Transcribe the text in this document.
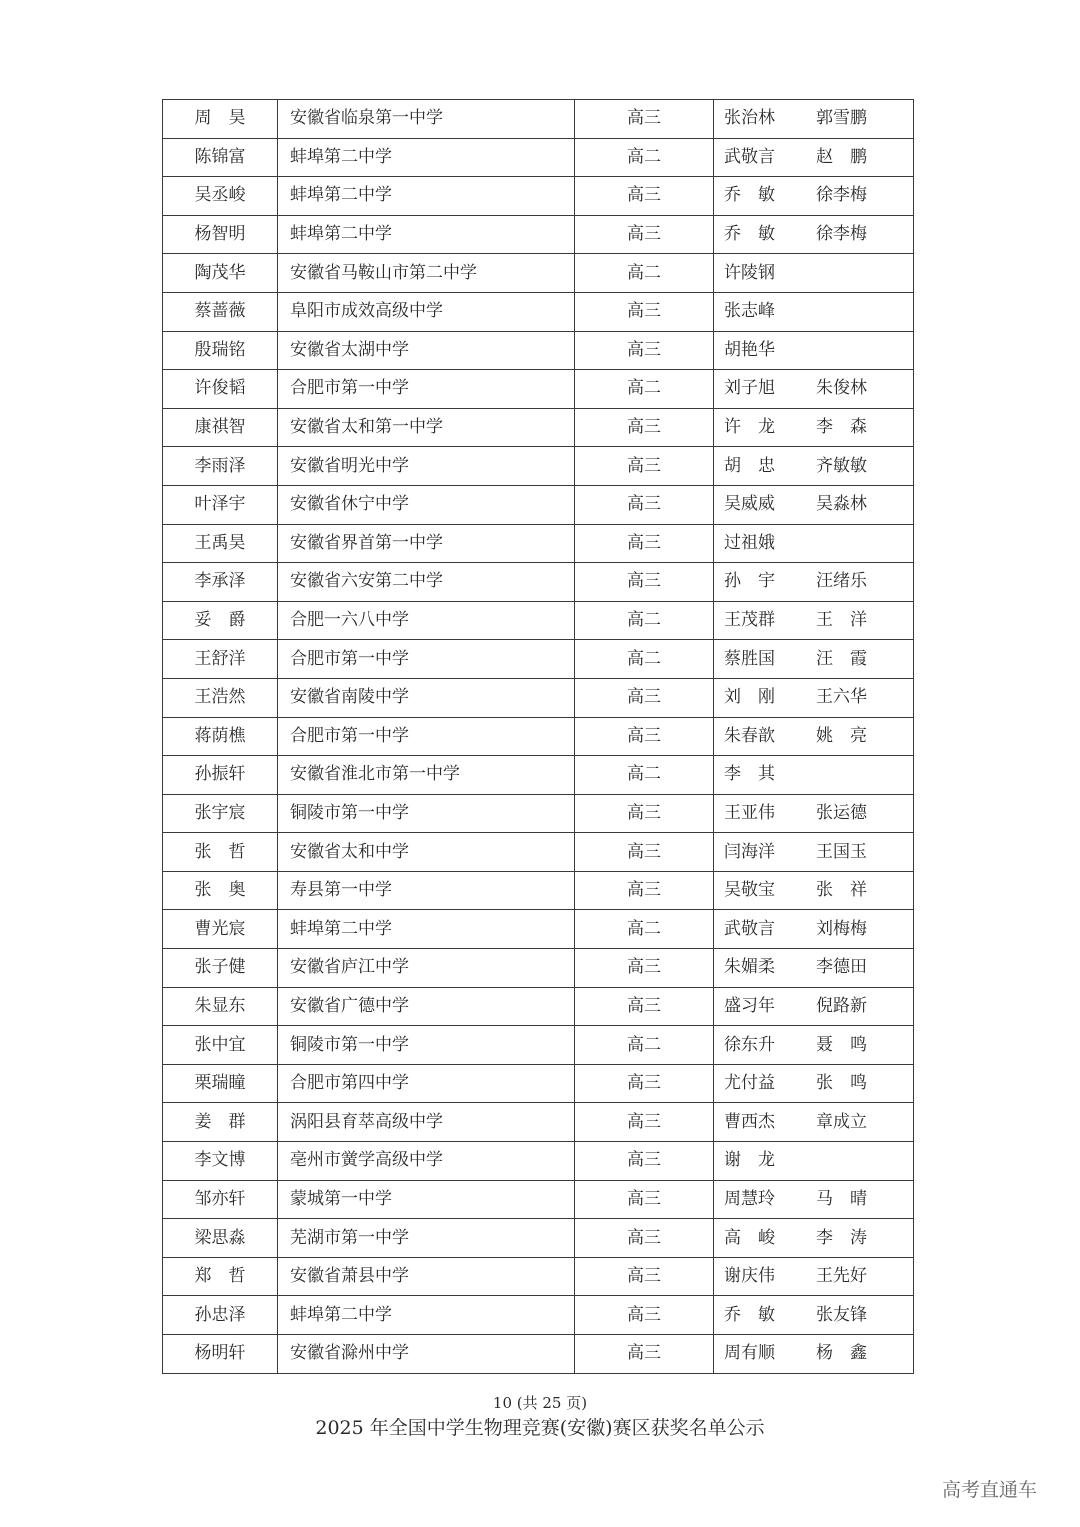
周　昊	安徽省临泉第一中学	高三	张治林 郭雪鹏

陈锦富	蚌埠第二中学	高二	武敬言 赵　鹏

吴丞峻	蚌埠第二中学	高三	乔　敏 徐李梅

杨智明	蚌埠第二中学	高三	乔　敏 徐李梅

陶茂华	安徽省马鞍山市第二中学	高二	许陵钢

蔡蔷薇	阜阳市成效高级中学	高三	张志峰

殷瑞铭	安徽省太湖中学	高三	胡艳华

许俊韬	合肥市第一中学	高二	刘子旭 朱俊林

康祺智	安徽省太和第一中学	高三	许　龙 李　森

李雨泽	安徽省明光中学	高三	胡　忠 齐敏敏

叶泽宇	安徽省休宁中学	高三	吴威威 吴淼林

王禹昊	安徽省界首第一中学	高三	过祖娥

李承泽	安徽省六安第二中学	高三	孙　宇 汪绪乐

妥　爵	合肥一六八中学	高二	王茂群 王　洋

王舒洋	合肥市第一中学	高二	蔡胜国 汪　霞

王浩然	安徽省南陵中学	高三	刘　刚 王六华

蒋荫樵	合肥市第一中学	高三	朱春歆 姚　亮

孙振轩	安徽省淮北市第一中学	高二	李　其

张宇宸	铜陵市第一中学	高三	王亚伟 张运德

张　哲	安徽省太和中学	高三	闫海洋 王国玉

张　奥	寿县第一中学	高三	吴敬宝 张　祥

曹光宸	蚌埠第二中学	高二	武敬言 刘梅梅

张子健	安徽省庐江中学	高三	朱媚柔 李德田

朱显东	安徽省广德中学	高三	盛习年 倪路新

张中宜	铜陵市第一中学	高二	徐东升 聂　鸣

栗瑞瞳	合肥市第四中学	高三	尤付益 张　鸣

姜　群	涡阳县育萃高级中学	高三	曹西杰 章成立

李文博	亳州市黉学高级中学	高三	谢　龙

邹亦轩	蒙城第一中学	高三	周慧玲 马　晴

梁思淼	芜湖市第一中学	高三	高　峻 李　涛

郑　哲	安徽省萧县中学	高三	谢庆伟 王先好

孙忠泽	蚌埠第二中学	高三	乔　敏 张友锋

杨明轩	安徽省滁州中学	高三	周有顺 杨　鑫
10 (共 25 页)
2025 年全国中学生物理竞赛(安徽)赛区获奖名单公示
高考直通车
